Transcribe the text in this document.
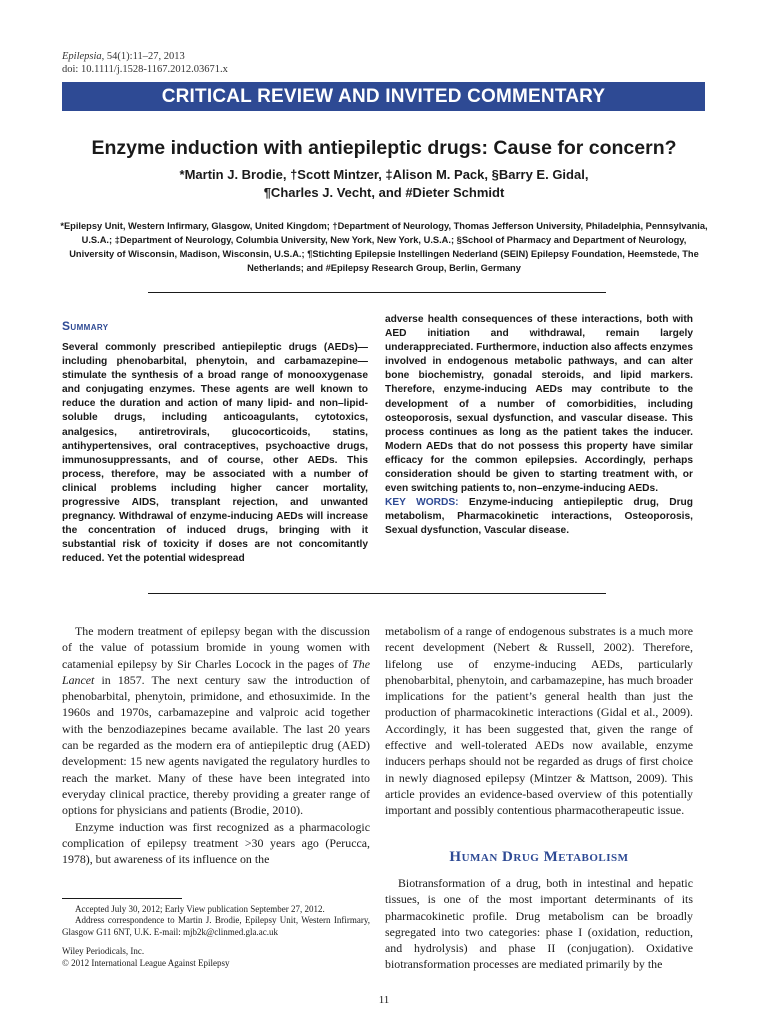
Epilepsia, 54(1):11–27, 2013
doi: 10.1111/j.1528-1167.2012.03671.x
CRITICAL REVIEW AND INVITED COMMENTARY
Enzyme induction with antiepileptic drugs: Cause for concern?
*Martin J. Brodie, †Scott Mintzer, ‡Alison M. Pack, §Barry E. Gidal,
¶Charles J. Vecht, and #Dieter Schmidt
*Epilepsy Unit, Western Infirmary, Glasgow, United Kingdom; †Department of Neurology, Thomas Jefferson University, Philadelphia, Pennsylvania, U.S.A.; ‡Department of Neurology, Columbia University, New York, New York, U.S.A.; §School of Pharmacy and Department of Neurology, University of Wisconsin, Madison, Wisconsin, U.S.A.; ¶Stichting Epilepsie Instellingen Nederland (SEIN) Epilepsy Foundation, Heemstede, The Netherlands; and #Epilepsy Research Group, Berlin, Germany
Summary
Several commonly prescribed antiepileptic drugs (AEDs)—including phenobarbital, phenytoin, and carbamazepine—stimulate the synthesis of a broad range of monooxygenase and conjugating enzymes. These agents are well known to reduce the duration and action of many lipid- and non–lipid-soluble drugs, including anticoagulants, cytotoxics, analgesics, antiretrovirals, glucocorticoids, statins, antihypertensives, oral contraceptives, psychoactive drugs, immunosuppressants, and of course, other AEDs. This process, therefore, may be associated with a number of clinical problems including higher cancer mortality, progressive AIDS, transplant rejection, and unwanted pregnancy. Withdrawal of enzyme-inducing AEDs will increase the concentration of induced drugs, bringing with it substantial risk of toxicity if doses are not concomitantly reduced. Yet the potential widespread
adverse health consequences of these interactions, both with AED initiation and withdrawal, remain largely underappreciated. Furthermore, induction also affects enzymes involved in endogenous metabolic pathways, and can alter bone biochemistry, gonadal steroids, and lipid markers. Therefore, enzyme-inducing AEDs may contribute to the development of a number of comorbidities, including osteoporosis, sexual dysfunction, and vascular disease. This process continues as long as the patient takes the inducer. Modern AEDs that do not possess this property have similar efficacy for the common epilepsies. Accordingly, perhaps consideration should be given to starting treatment with, or even switching patients to, non–enzyme-inducing AEDs.
KEY WORDS: Enzyme-inducing antiepileptic drug, Drug metabolism, Pharmacokinetic interactions, Osteoporosis, Sexual dysfunction, Vascular disease.

The modern treatment of epilepsy began with the discussion of the value of potassium bromide in young women with catamenial epilepsy by Sir Charles Locock in the pages of The Lancet in 1857. The next century saw the introduction of phenobarbital, phenytoin, primidone, and ethosuximide. In the 1960s and 1970s, carbamazepine and valproic acid together with the benzodiazepines became available. The last 20 years can be regarded as the modern era of antiepileptic drug (AED) development: 15 new agents navigated the regulatory hurdles to reach the market. Many of these have been integrated into everyday clinical practice, thereby providing a greater range of options for physicians and patients (Brodie, 2010).

Enzyme induction was first recognized as a pharmacologic complication of epilepsy treatment >30 years ago (Perucca, 1978), but awareness of its influence on the

metabolism of a range of endogenous substrates is a much more recent development (Nebert & Russell, 2002). Therefore, lifelong use of enzyme-inducing AEDs, particularly phenobarbital, phenytoin, and carbamazepine, has much broader implications for the patient’s general health than just the production of pharmacokinetic interactions (Gidal et al., 2009). Accordingly, it has been suggested that, given the range of effective and well-tolerated AEDs now available, enzyme inducers perhaps should not be regarded as drugs of first choice in newly diagnosed epilepsy (Mintzer & Mattson, 2009). This article provides an evidence-based overview of this potentially important and possibly contentious pharmacotherapeutic issue.

Human Drug Metabolism

Biotransformation of a drug, both in intestinal and hepatic tissues, is one of the most important determinants of its pharmacokinetic profile. Drug metabolism can be broadly segregated into two categories: phase I (oxidation, reduction, and hydrolysis) and phase II (conjugation). Oxidative biotransformation processes are mediated primarily by the

Accepted July 30, 2012; Early View publication September 27, 2012.

Address correspondence to Martin J. Brodie, Epilepsy Unit, Western Infirmary, Glasgow G11 6NT, U.K. E-mail: mjb2k@clinmed.gla.ac.uk

Wiley Periodicals, Inc.

© 2012 International League Against Epilepsy

11
